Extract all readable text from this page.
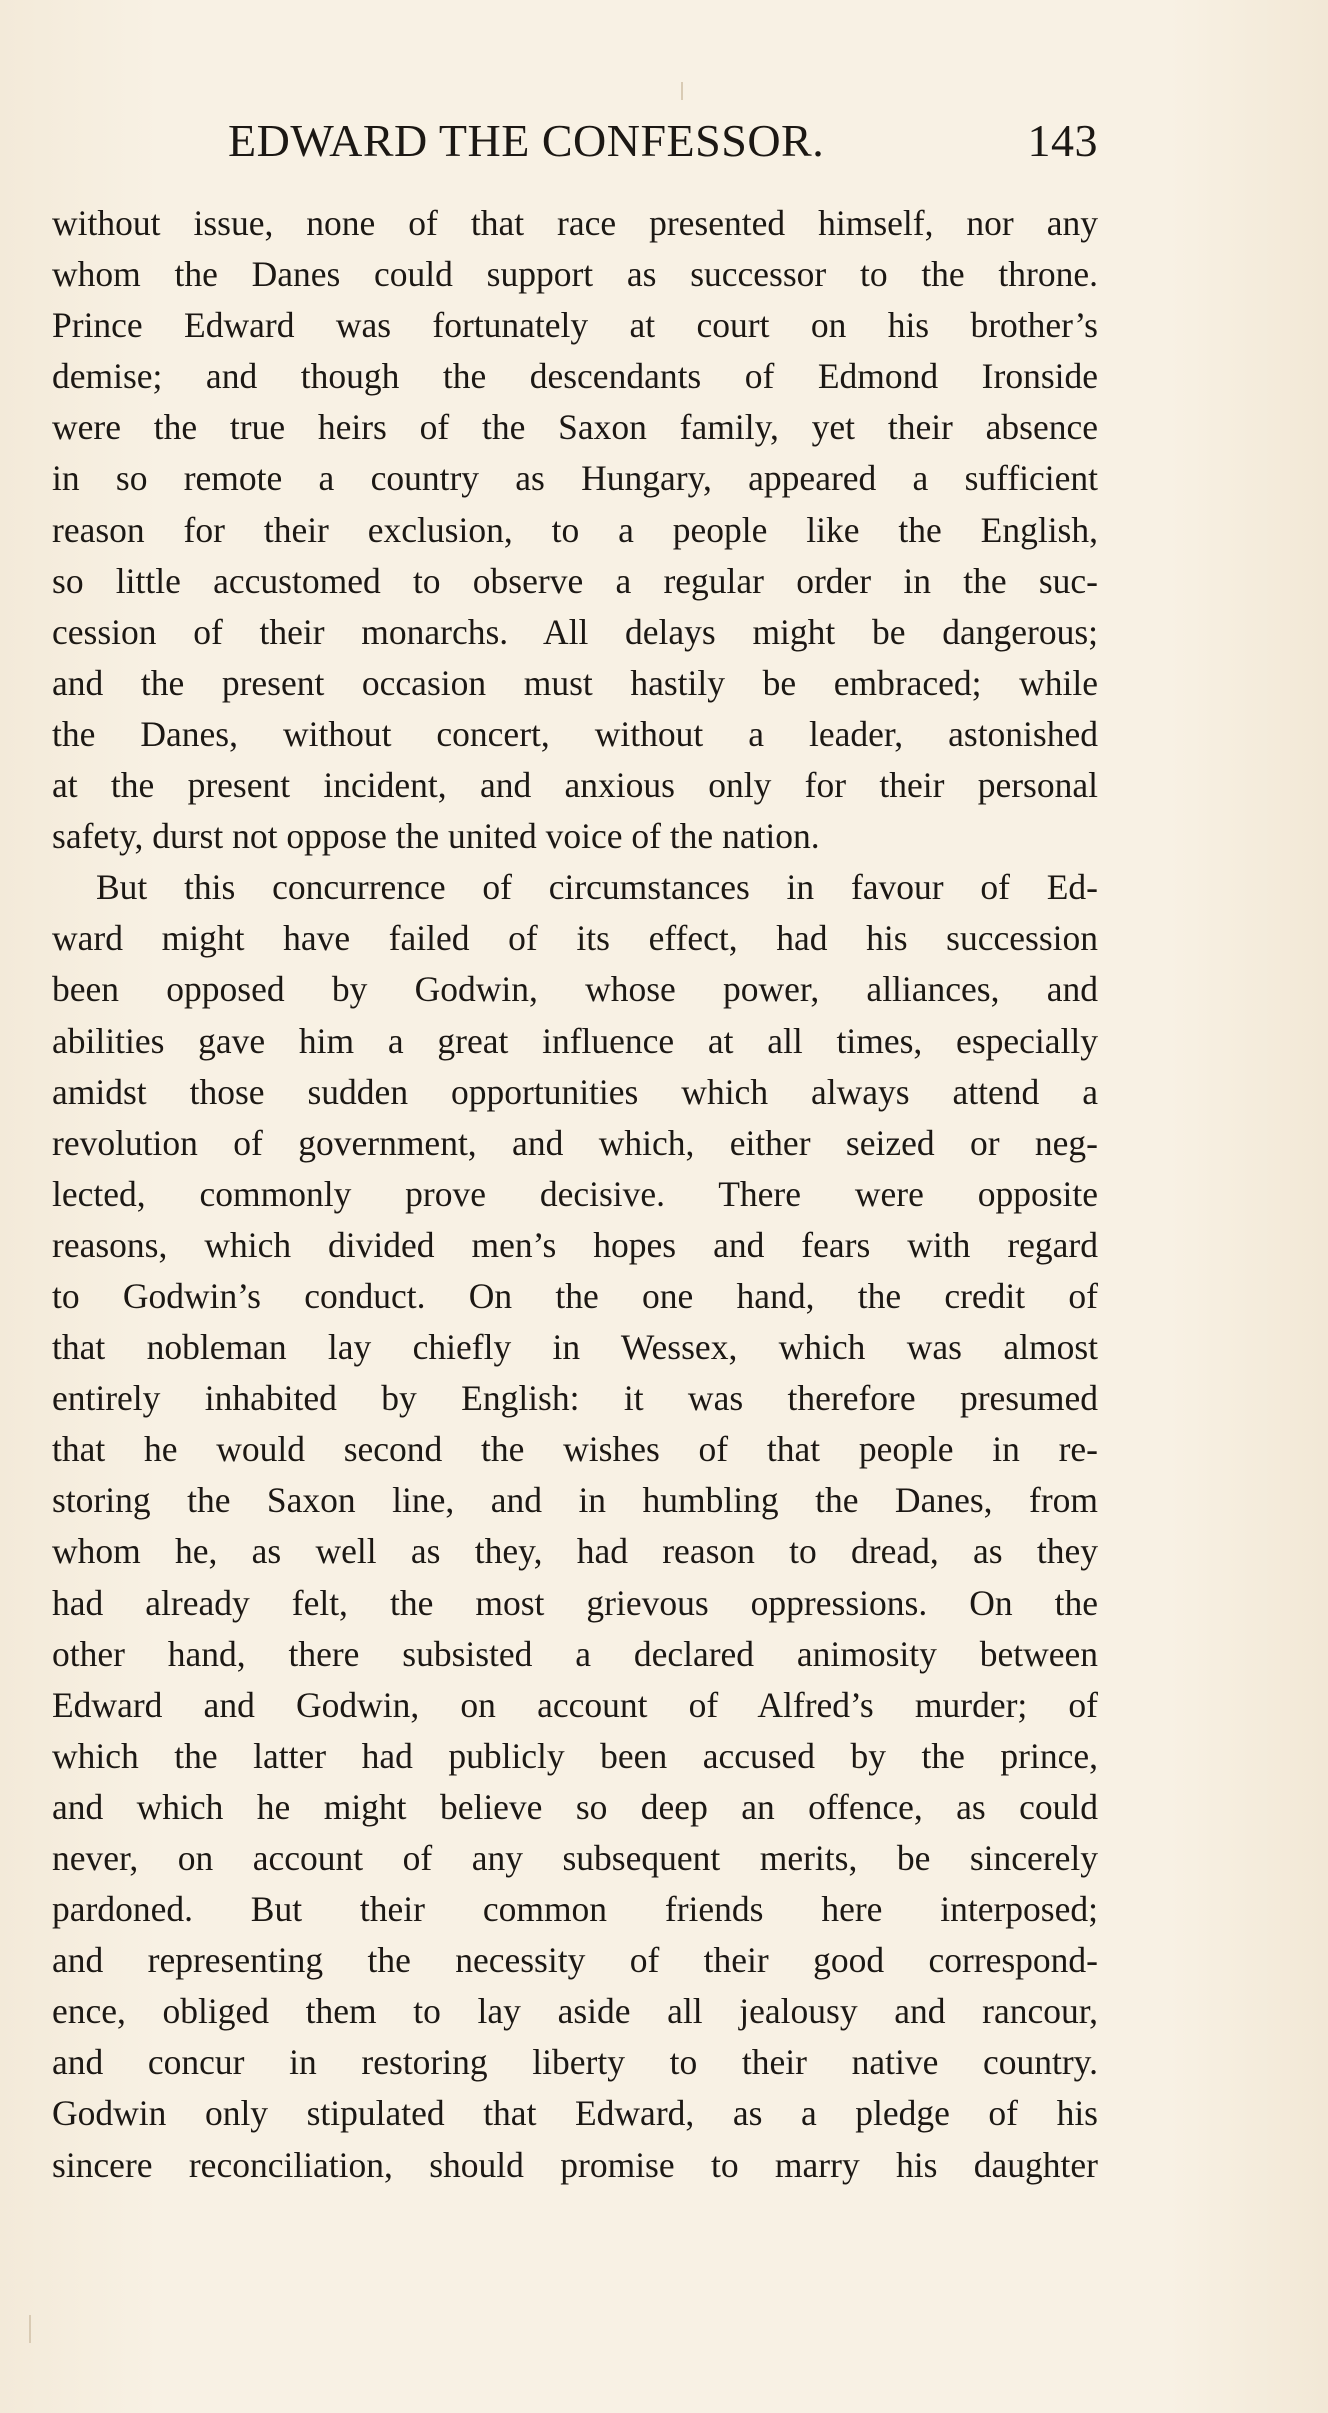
EDWARD THE CONFESSOR.	143
without issue, none of that race presented himself, nor any
whom the Danes could support as successor to the throne.
Prince Edward was fortunately at court on his brother’s
demise; and though the descendants of Edmond Ironside
were the true heirs of the Saxon family, yet their absence
in so remote a country as Hungary, appeared a sufficient
reason for their exclusion, to a people like the English,
so little accustomed to observe a regular order in the suc-
cession of their monarchs. All delays might be dangerous;
and the present occasion must hastily be embraced; while
the Danes, without concert, without a leader, astonished
at the present incident, and anxious only for their personal
safety, durst not oppose the united voice of the nation.
But this concurrence of circumstances in favour of Ed-
ward might have failed of its effect, had his succession
been opposed by Godwin, whose power, alliances, and
abilities gave him a great influence at all times, especially
amidst those sudden opportunities which always attend a
revolution of government, and which, either seized or neg-
lected, commonly prove decisive. There were opposite
reasons, which divided men’s hopes and fears with regard
to Godwin’s conduct. On the one hand, the credit of
that nobleman lay chiefly in Wessex, which was almost
entirely inhabited by English: it was therefore presumed
that he would second the wishes of that people in re-
storing the Saxon line, and in humbling the Danes, from
whom he, as well as they, had reason to dread, as they
had already felt, the most grievous oppressions. On the
other hand, there subsisted a declared animosity between
Edward and Godwin, on account of Alfred’s murder; of
which the latter had publicly been accused by the prince,
and which he might believe so deep an offence, as could
never, on account of any subsequent merits, be sincerely
pardoned. But their common friends here interposed;
and representing the necessity of their good correspond-
ence, obliged them to lay aside all jealousy and rancour,
and concur in restoring liberty to their native country.
Godwin only stipulated that Edward, as a pledge of his
sincere reconciliation, should promise to marry his daughter
